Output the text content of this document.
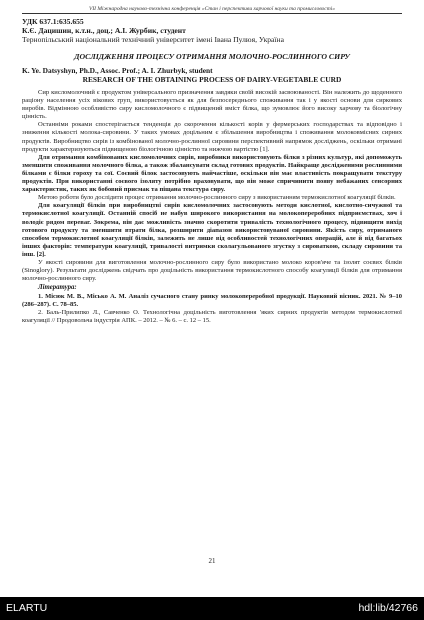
VII Міжнародна науково-технічна конференція «Стан і перспективи харчової науки та промисловості»
УДК 637.1:635.655
К.Є. Дацишин, к.т.н., доц.; А.І. Журбик, студент
Тернопільський національний технічний університет імені Івана Пулюя, Україна
ДОСЛІДЖЕННЯ ПРОЦЕСУ ОТРИМАННЯ МОЛОЧНО-РОСЛИННОГО СИРУ
K. Ye. Datsyshyn, Ph.D., Assoc. Prof.; A. I. Zhurbyk, student
RESEARCH OF THE OBTAINING PROCESS OF DAIRY-VEGETABLE CURD

Сир кисломолочний є продуктом універсального призначення завдяки своїй високій засвоюваності. Він належить до щоденного раціону населення усіх вікових груп, використовується як для безпосереднього споживання так і у якості основи для сиркових виробів. Відмінною особливістю сиру кисломолочного є підвищений вміст білка, що зумовлює його високу харчову та біологічну цінність.

Останніми роками спостерігається тенденція до скорочення кількості корів у фермерських господарствах та відповідно і зниження кількості молока-сировини. У таких умовах доцільним є збільшення виробництва і споживання молоковмісних сирних продуктів. Виробництво сирів із комбінованої молочно-рослинної сировини перспективний напрямок досліджень, оскільки отримані продукти характеризуються підвищеною біологічною цінністю та нижчою вартістю [1].

Для отримання комбінованих кисломолочних сирів, виробники використовують білки з різних культур, які допоможуть зменшити споживання молочного білка, а також збалансувати склад готових продуктів. Найкраще дослідженими рослинними білками є білки гороху та сої. Соєвий білок застосовують найчастіше, оскільки він має властивість покращувати текстуру продуктів. При використанні соєвого ізоляту потрібно враховувати, що він може спричинити появу небажаних сенсорних характеристик, таких як бобовий присмак та піщана текстура сиру.

Метою роботи було дослідити процес отримання молочно-рослинного сиру з використанням термокислотної коагуляції білків.

Для коагуляції білків при виробництві сирів кисломолочних застосовують методи кислотної, кислотно-сичужної та термокислотної коагуляції. Останній спосіб не набув широкого використання на молокопереробних підприємствах, хоч і володіє рядом переваг. Зокрема, він дає можливість значно скоротити тривалість технологічного процесу, підвищити вихід готового продукту та зменшити втрати білка, розширити діапазон використовуваної сировини. Якість сиру, отриманого способом термокислотної коагуляції білків, залежить не лише від особливостей технологічних операцій, але й від багатьох інших факторів: температури коагуляції, тривалості витримки сколагульованого згустку з сироваткою, складу сировини та інш. [2].

У якості сировини для виготовлення молочно-рослинного сиру було використано молоко коров'яче та ізолят соєвих білків (Sinoglory). Результати досліджень свідчать про доцільність використання термокислотного способу коагуляції білків для отримання молочно-рослинного сиру.

Література:
1. Місюк М. В., Місько А. М. Аналіз сучасного стану ринку молокопереробної продукції. Науковий вісник. 2021. № 9–10 (286–287). С. 78–85.
2. Баль-Прилипко Л., Савченко О. Технологічна доцільність виготовлення 'яких сирних продуктів методом термокислотної коагуляції // Продовольча індустрія АПК. – 2012. – № 6. – с. 12 – 15.
21
ELARTU	hdl:lib/42766
